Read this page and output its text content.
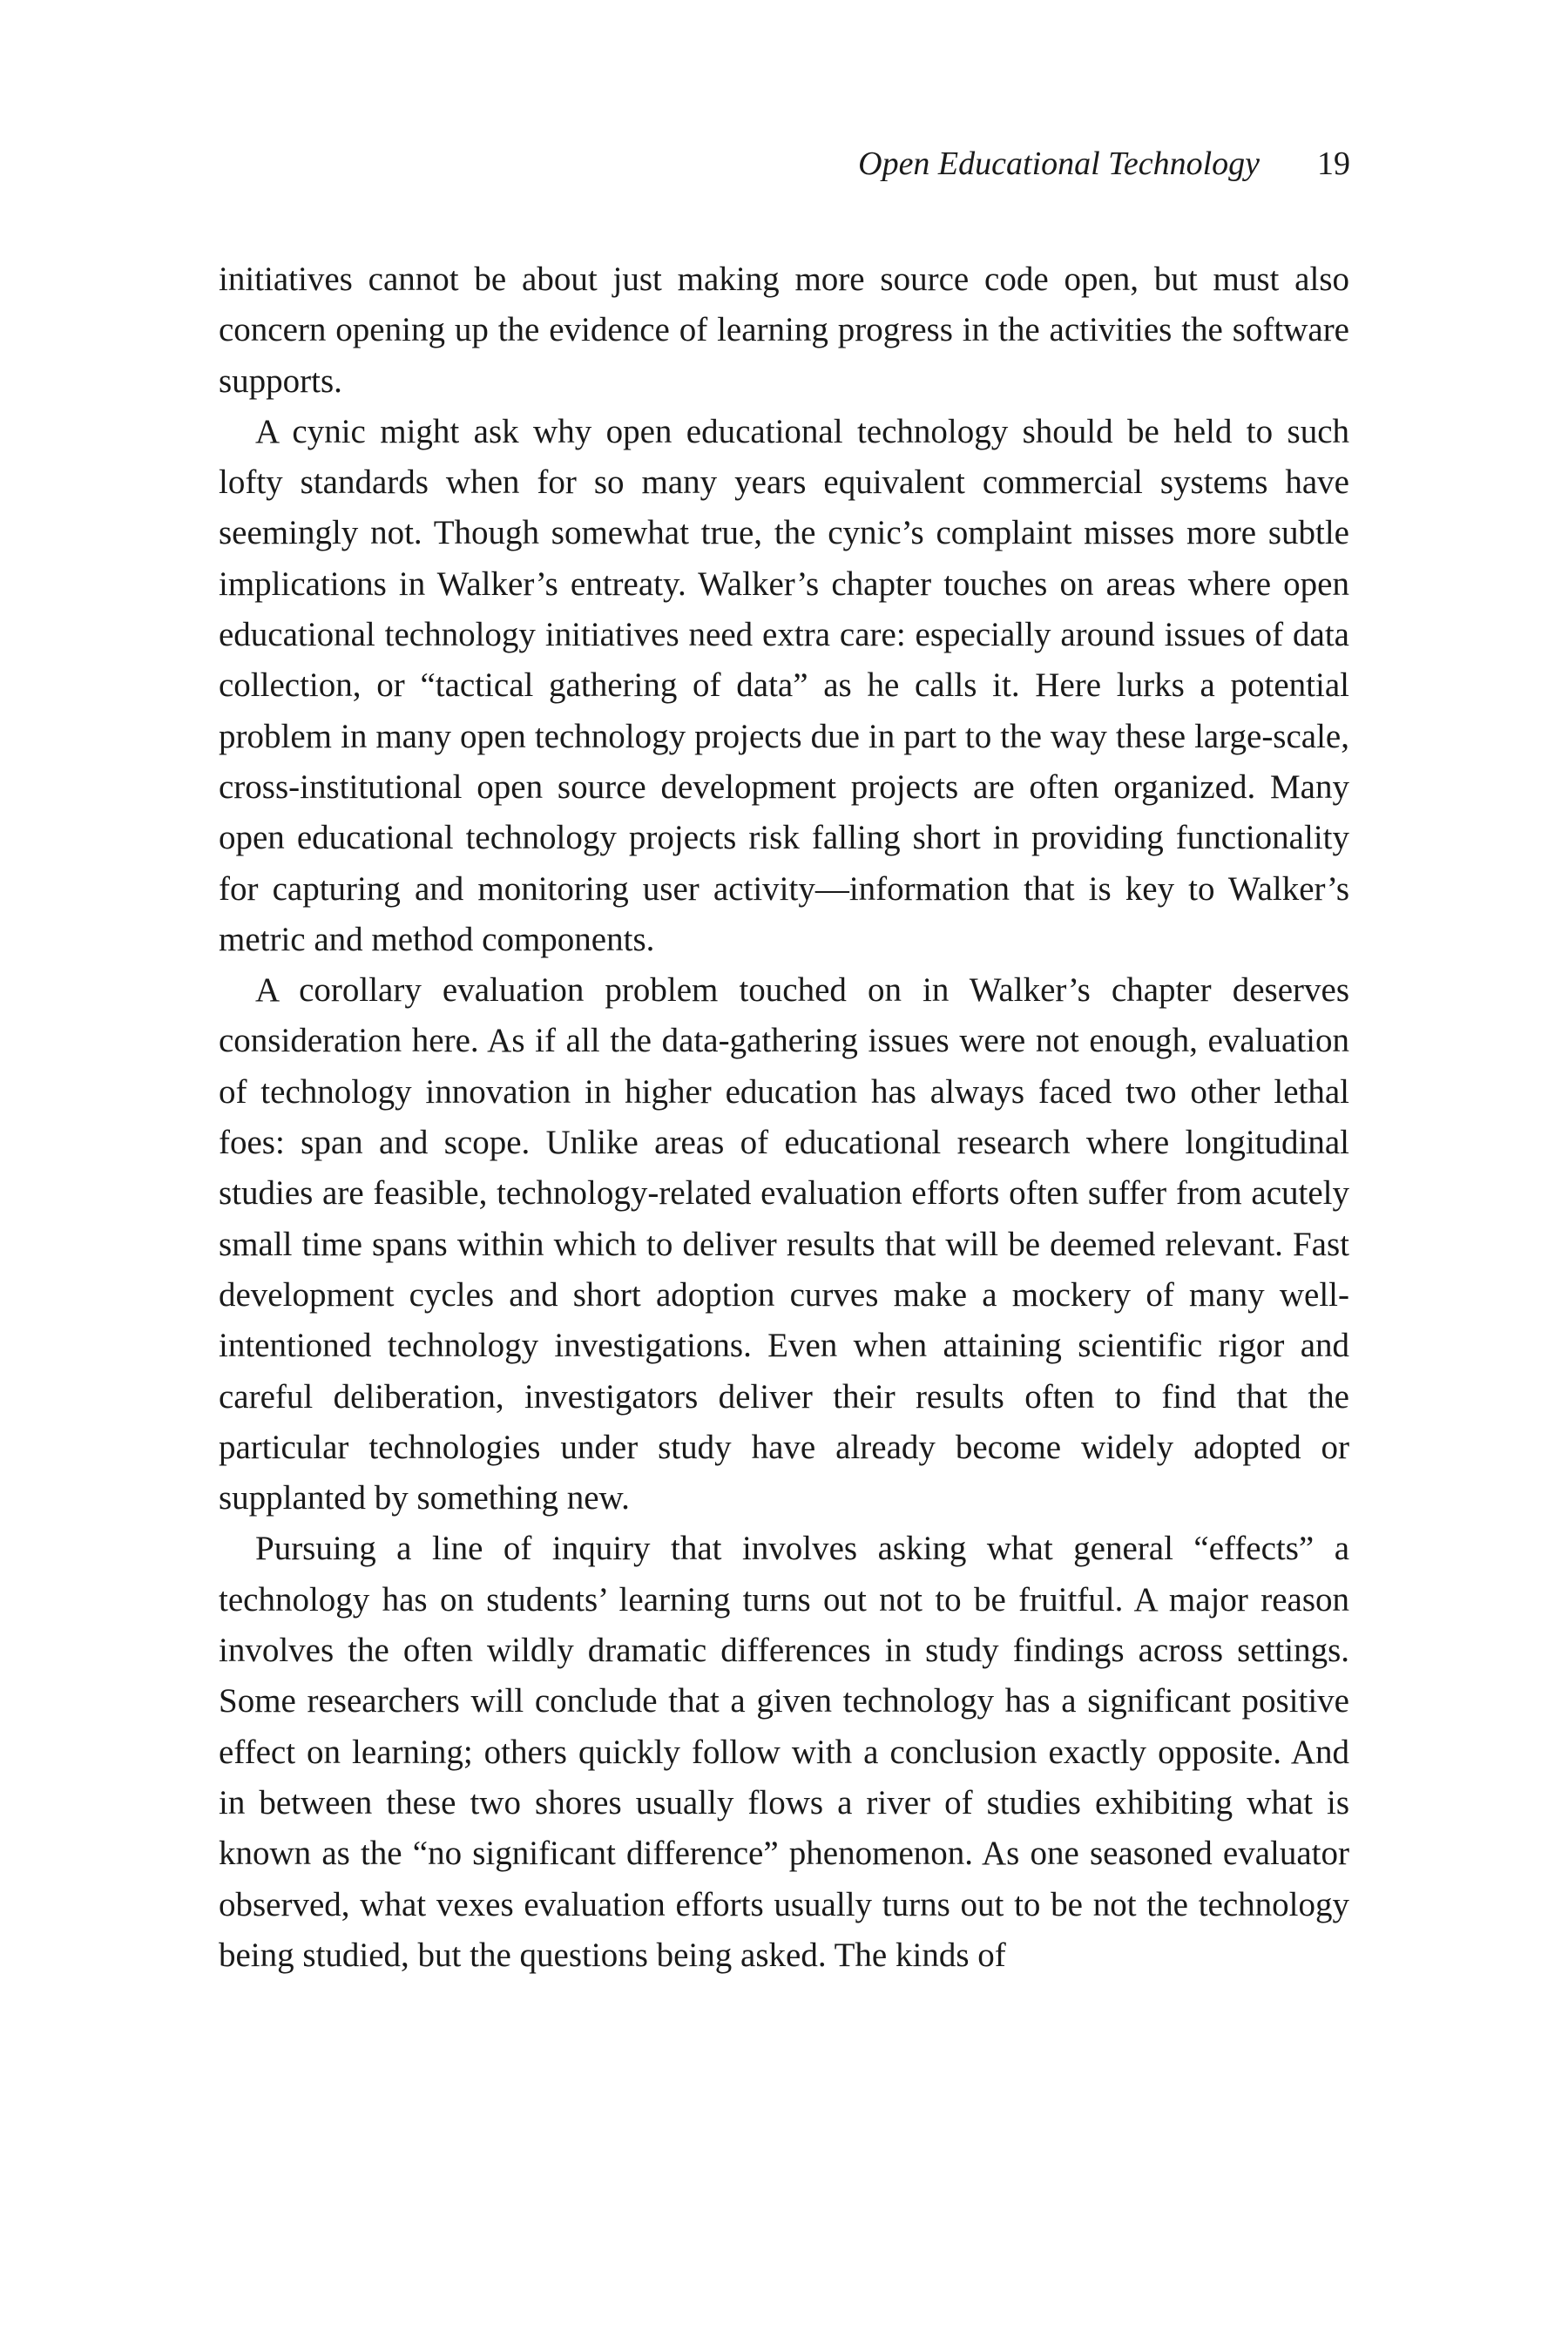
Open Educational Technology 19

initiatives cannot be about just making more source code open, but must also concern opening up the evidence of learning progress in the activities the software supports.

A cynic might ask why open educational technology should be held to such lofty standards when for so many years equivalent commercial systems have seemingly not. Though somewhat true, the cynic’s complaint misses more subtle implications in Walker’s entreaty. Walker’s chapter touches on areas where open educational technology initiatives need extra care: especially around issues of data collection, or “tactical gathering of data” as he calls it. Here lurks a potential problem in many open technology projects due in part to the way these large-scale, cross-institutional open source development projects are often organized. Many open educational technology projects risk falling short in providing functionality for capturing and monitoring user activity—information that is key to Walker’s metric and method components.

A corollary evaluation problem touched on in Walker’s chapter deserves consideration here. As if all the data-gathering issues were not enough, evaluation of technology innovation in higher education has always faced two other lethal foes: span and scope. Unlike areas of educational research where longitudinal studies are feasible, technology-related evaluation efforts often suffer from acutely small time spans within which to deliver results that will be deemed relevant. Fast development cycles and short adoption curves make a mockery of many well-intentioned technology investigations. Even when attaining scientific rigor and careful deliberation, investigators deliver their results often to find that the particular technologies under study have already become widely adopted or supplanted by something new.

Pursuing a line of inquiry that involves asking what general “effects” a technology has on students’ learning turns out not to be fruitful. A major reason involves the often wildly dramatic differences in study findings across settings. Some researchers will conclude that a given technology has a significant positive effect on learning; others quickly follow with a conclusion exactly opposite. And in between these two shores usually flows a river of studies exhibiting what is known as the “no significant difference” phenomenon. As one seasoned evaluator observed, what vexes evaluation efforts usually turns out to be not the technology being studied, but the questions being asked. The kinds of
